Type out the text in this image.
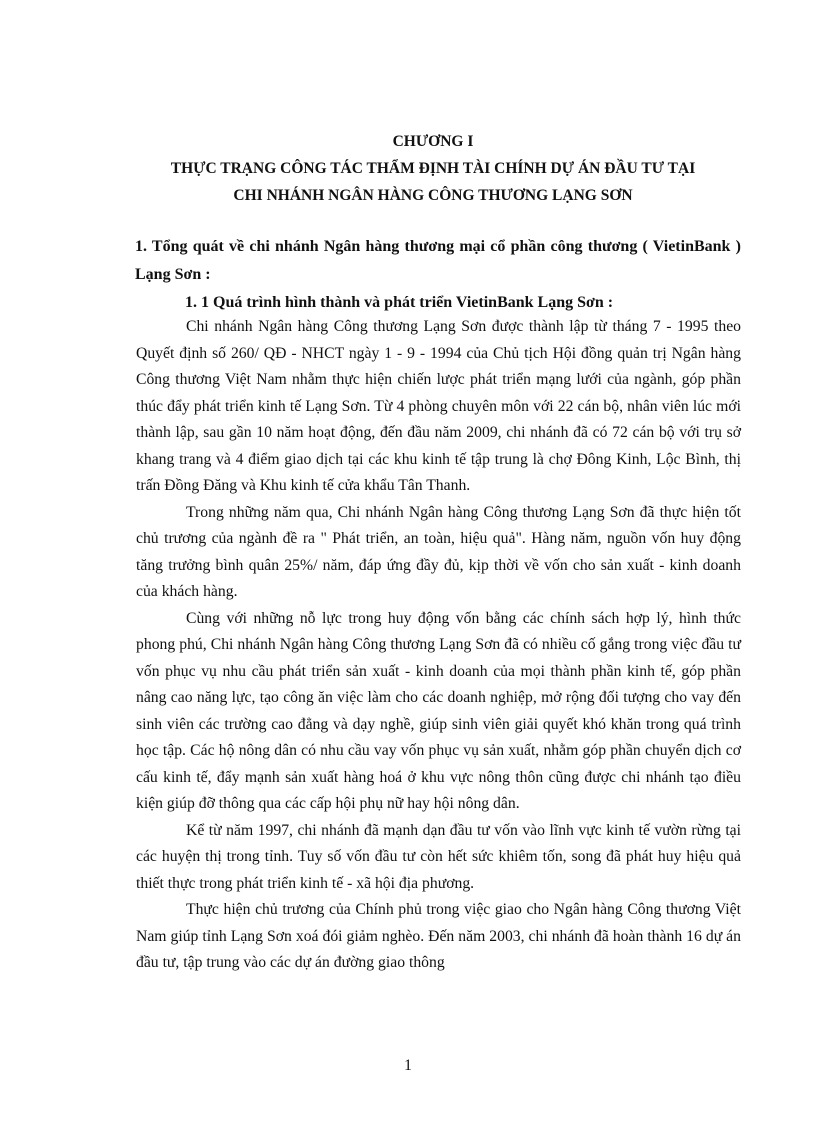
CHƯƠNG I
THỰC TRẠNG CÔNG TÁC THẨM ĐỊNH TÀI CHÍNH DỰ ÁN ĐẦU TƯ TẠI
CHI NHÁNH NGÂN HÀNG CÔNG THƯƠNG LẠNG SƠN
1. Tổng quát về chi nhánh Ngân hàng thương mại cổ phần công thương ( VietinBank ) Lạng Sơn :
1. 1 Quá trình hình thành và phát triển VietinBank Lạng Sơn :

Chi nhánh Ngân hàng Công thương Lạng Sơn được thành lập từ tháng 7 - 1995 theo Quyết định số 260/ QĐ - NHCT ngày 1 - 9 - 1994 của Chủ tịch Hội đồng quản trị Ngân hàng Công thương Việt Nam nhằm thực hiện chiến lược phát triển mạng lưới của ngành, góp phần thúc đẩy phát triển kinh tế Lạng Sơn. Từ 4 phòng chuyên môn với 22 cán bộ, nhân viên lúc mới thành lập, sau gần 10 năm hoạt động, đến đầu năm 2009, chi nhánh đã có 72 cán bộ với trụ sở khang trang và 4 điểm giao dịch tại các khu kinh tế tập trung là chợ Đông Kinh, Lộc Bình, thị trấn Đồng Đăng và Khu kinh tế cửa khẩu Tân Thanh.

Trong những năm qua, Chi nhánh Ngân hàng Công thương Lạng Sơn đã thực hiện tốt chủ trương của ngành đề ra " Phát triển, an toàn, hiệu quả". Hàng năm, nguồn vốn huy động tăng trưởng bình quân 25%/ năm, đáp ứng đầy đủ, kịp thời về vốn cho sản xuất - kinh doanh của khách hàng.

Cùng với những nỗ lực trong huy động vốn bằng các chính sách hợp lý, hình thức phong phú, Chi nhánh Ngân hàng Công thương Lạng Sơn đã có nhiều cố gắng trong việc đầu tư vốn phục vụ nhu cầu phát triển sản xuất - kinh doanh của mọi thành phần kinh tế, góp phần nâng cao năng lực, tạo công ăn việc làm cho các doanh nghiệp, mở rộng đối tượng cho vay đến sinh viên các trường cao đẳng và dạy nghề, giúp sinh viên giải quyết khó khăn trong quá trình học tập. Các hộ nông dân có nhu cầu vay vốn phục vụ sản xuất, nhằm góp phần chuyển dịch cơ cấu kinh tế, đẩy mạnh sản xuất hàng hoá ở khu vực nông thôn cũng được chi nhánh tạo điều kiện giúp đỡ thông qua các cấp hội phụ nữ hay hội nông dân.

Kể từ năm 1997, chi nhánh đã mạnh dạn đầu tư vốn vào lĩnh vực kinh tế vườn rừng tại các huyện thị trong tỉnh. Tuy số vốn đầu tư còn hết sức khiêm tốn, song đã phát huy hiệu quả thiết thực trong phát triển kinh tế - xã hội địa phương.

Thực hiện chủ trương của Chính phủ trong việc giao cho Ngân hàng Công thương Việt Nam giúp tỉnh Lạng Sơn xoá đói giảm nghèo. Đến năm 2003, chi nhánh đã hoàn thành 16 dự án đầu tư, tập trung vào các dự án đường giao thông

1
